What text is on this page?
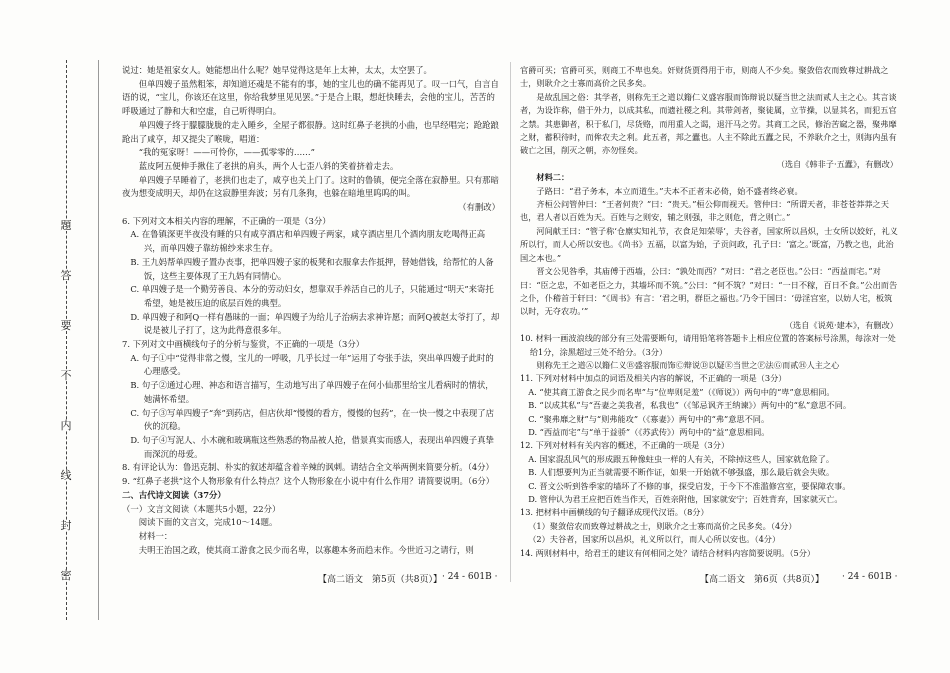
題
答
要
不
内
线
封
密

说过：她是祖家女人。她能想出什么呢？她早觉得这是年上太神，太太，太空罢了。

但单四嫂子虽然粗笨，却知道还魂是不能有的事，她的宝儿也的确不能再见了。叹一口气，自言自语的说，“宝儿，你该还在这里，你给我梦里见见罢。”于是合上眼，想赶快睡去，会他的宝儿，苦苦的呼吸通过了静和大和空虚，自己听得明白。

单四嫂子终于朦朦胧胧的走入睡乡，全屋子都很静。这时红鼻子老拱的小曲，也早经唱完；跄跄踉跄出了咸亨，却又提尖了喉咙，唱道：

“我的冤家呀！——可怜你，——孤零零的……”

蓝皮阿五便伸手揪住了老拱的肩头，两个人七歪八斜的笑着挤着走去。

单四嫂子早睡着了，老拱们也走了，咸亨也关上门了。这时的鲁镇，便完全落在寂静里。只有那暗夜为想变成明天，却仍在这寂静里奔波；另有几条狗，也躲在暗地里呜呜的叫。

（有删改）

6. 下列对文本相关内容的理解，不正确的一项是（3分）

A. 在鲁镇深更半夜没有睡的只有咸亨酒店和单四嫂子两家，咸亨酒店里几个酒肉朋友吃喝得正高兴，而单四嫂子靠纺棉纱来求生存。

B. 王九妈帮单四嫂子置办丧事，把单四嫂子家的板凳和衣服拿去作抵押，替她借钱，给帮忙的人备饭，这些主要体现了王九妈有同情心。

C. 单四嫂子是一个勤劳善良、本分的劳动妇女，想靠双手养活自己的儿子，只能通过“明天”来寄托希望，她是被压迫的底层百姓的典型。

D. 单四嫂子和阿Q一样有愚昧的一面；单四嫂子为给儿子治病去求神许愿；而阿Q被赵太爷打了，却说是被儿子打了，这为此得意很多年。

7. 下列对文中画横线句子的分析与鉴赏，不正确的一项是（3分）

A. 句子①中“觉得非常之慢，宝儿的一呼吸，几乎长过一年”运用了夸张手法，突出单四嫂子此时的心理感受。

B. 句子②通过心理、神态和语言描写，生动地写出了单四嫂子在何小仙那里给宝儿看病时的情状，她满怀希望。

C. 句子③写单四嫂子“奔”到药店，但店伙却“慢慢的看方，慢慢的包药”，在一快一慢之中表现了店伙的沉稳。

D. 句子④写泥人、小木碗和玻璃瓶这些熟悉的物品被人抢，借景真实而感人，表现出单四嫂子真挚而深沉的母爱。

8. 有评论认为：鲁迅克制、朴实的叙述却蕴含着辛辣的讽刺。请结合全文举两例来简要分析。（4分）

9. “红鼻子老拱”这个人物形象有什么特点？这个人物形象在小说中有什么作用？请简要说明。（6分）

二、古代诗文阅读（37分）

（一）文言文阅读（本题共5小题，22分）

阅读下面的文言文，完成10～14题。

材料一：

夫明王治国之政，使其商工游食之民少而名卑，以寡趣本务而趋末作。今世近习之请行，则

官爵可买；官爵可买，则商工不卑也矣。奸财货贾得用于市，则商人不少矣。聚敛倍农而致尊过耕战之士，则耿介之士寡而高价之民多矣。

是故乱国之俗：其学者，则称先王之道以籍仁义盛容服而饰辩说以疑当世之法而贰人主之心。其言谈者，为设诈称，借于外力，以成其私，而遗社稷之利。其带剑者，聚徒属，立节操，以显其名，而犯五官之禁。其患御者，积于私门，尽货赂，而用重人之谒，退汗马之劳。其商工之民，修治苦窳之器，聚弗靡之财，蓄积待时，而侔农夫之利。此五者，邦之蠹也。人主不除此五蠹之民，不养耿介之士，则海内虽有破亡之国，削灭之朝，亦勿怪矣。

（选自《韩非子·五蠹》，有删改）

材料二：

子路曰：“君子务本，本立而道生。”夫本不正者末必倚，始不盛者终必衰。

齐桓公问管仲曰：“王者何贵？”曰：“贵天。”桓公仰而视天。管仲曰：“所谓天者，非苍苍莽莽之天也，君人者以百姓为天。百姓与之则安，辅之则强，非之则危，背之则亡。”

河间献王曰：“管子称‘仓廪实知礼节，衣食足知荣辱’，夫谷者，国家所以昌炽，士女所以姣好，礼义所以行，而人心所以安也。《尚书》五福，以富为始，子贡问政，孔子曰：‘富之。’既富，乃教之也，此治国之本也。”

晋文公见咎季，其庙傅于西墙，公曰：“孰处而西？”对曰：“君之老臣也。”公曰：“西益而宅。”对曰：“臣之忠，不如老臣之力，其墙坏而不筑。”公曰：“何不筑？”对曰：“一日不稼，百日不食。”公出而告之仆，仆稽首于轩曰：“《周书》有言：‘君之明，群臣之福也。’乃令于国曰：‘毋淫宫室，以妨人宅，板筑以时，无夺农功。’”

（选自《说苑·建本》，有删改）

10. 材料一画波浪线的部分有三处需要断句，请用铅笔将答题卡上相应位置的答案标号涂黑，每涂对一处给1分，涂黑超过三处不给分。（3分）

则称先王之道Ⓐ以籍仁义Ⓑ盛容服而饰Ⓒ辩说Ⓓ以疑Ⓔ当世之Ⓕ法Ⓖ而贰Ⓗ人主之心

11. 下列对材料中加点的词语及相关内容的解说，不正确的一项是（3分）

A. “使其商工游食之民少而名卑”与“位卑则足羞”（《师说》）两句中的“卑”意思相同。

B. “以成其私”与“吾妻之美我者，私我也”（《邹忌讽齐王纳谏》）两句中的“私”意思不同。

C. “聚弗靡之财”与“则弗能攻”（《寡妻》）两句中的“弗”意思不同。

D. “西益而宅”与“单于益骄”（《苏武传》）两句中的“益”意思相同。

12. 下列对材料有关内容的概述，不正确的一项是（3分）

A. 国家混乱风气的形成跟五种像蛀虫一样的人有关，不除掉这些人，国家就危险了。

B. 人们想要判为正当就需要不断作证，如果一开始就不够强盛，那么最后就会失败。

C. 晋文公听到咎季家的墙坏了不修的事，探受启发，于今下不准滥修宫室，要保障农事。

D. 管仲认为君王应把百姓当作天，百姓亲附他，国家就安宁；百姓背弃，国家就灭亡。

13. 把材料中画横线的句子翻译成现代汉语。（8分）

（1）聚敛倍农而致尊过耕战之士，则耿介之士寡而高价之民多矣。（4分）

（2）夫谷者，国家所以昌炽，礼义所以行，而人心所以安也。（4分）

14. 两则材料中，给君王的建议有何相同之处？请结合材料内容简要说明。（5分）

【高二语文　第5页（共8页）】 · 24 - 601B ·	【高二语文　第6页（共8页）】 · 24 - 601B ·
